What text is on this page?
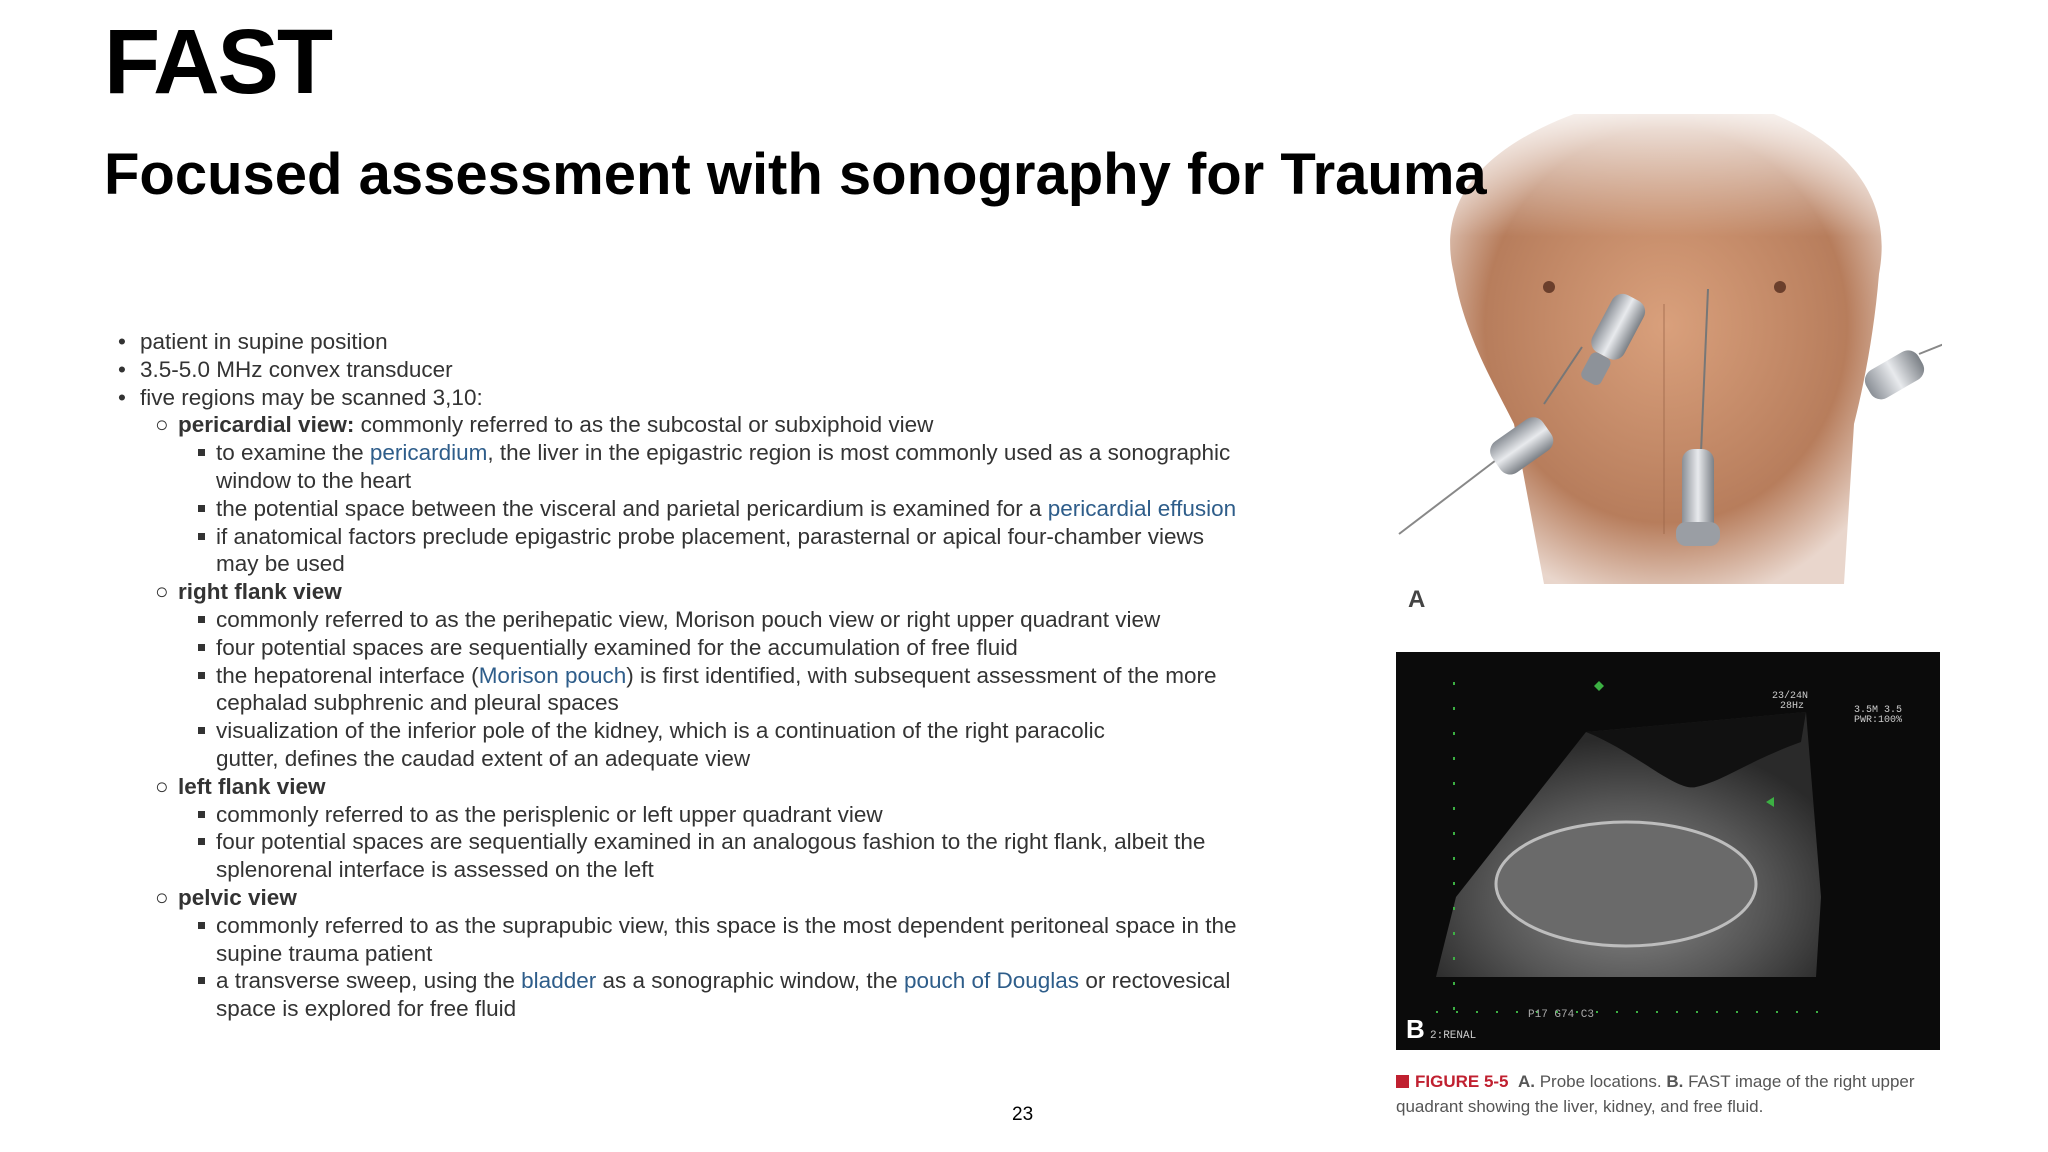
FAST
Focused assessment with sonography for Trauma
• patient in supine position
• 3.5-5.0 MHz convex transducer
• five regions may be scanned 3,10:
○ pericardial view: commonly referred to as the subcostal or subxiphoid view
to examine the pericardium, the liver in the epigastric region is most commonly used as a sonographic
window to the heart
the potential space between the visceral and parietal pericardium is examined for a pericardial effusion
if anatomical factors preclude epigastric probe placement, parasternal or apical four-chamber views
may be used
○ right flank view
commonly referred to as the perihepatic view, Morison pouch view or right upper quadrant view
four potential spaces are sequentially examined for the accumulation of free fluid
the hepatorenal interface (Morison pouch) is first identified, with subsequent assessment of the more
cephalad subphrenic and pleural spaces
visualization of the inferior pole of the kidney, which is a continuation of the right paracolic
gutter, defines the caudad extent of an adequate view
○ left flank view
commonly referred to as the perisplenic or left upper quadrant view
four potential spaces are sequentially examined in an analogous fashion to the right flank, albeit the
splenorenal interface is assessed on the left
○ pelvic view
commonly referred to as the suprapubic view, this space is the most dependent peritoneal space in the
supine trauma patient
a transverse sweep, using the bladder as a sonographic window, the pouch of Douglas or rectovesical
space is explored for free fluid
A
23/24N
28Hz	3.5M 3.5
PWR:100%
P17 G74 C3
B 2:RENAL
FIGURE 5-5 A. Probe locations. B. FAST image of the right upper quadrant showing the liver, kidney, and free fluid.
23
